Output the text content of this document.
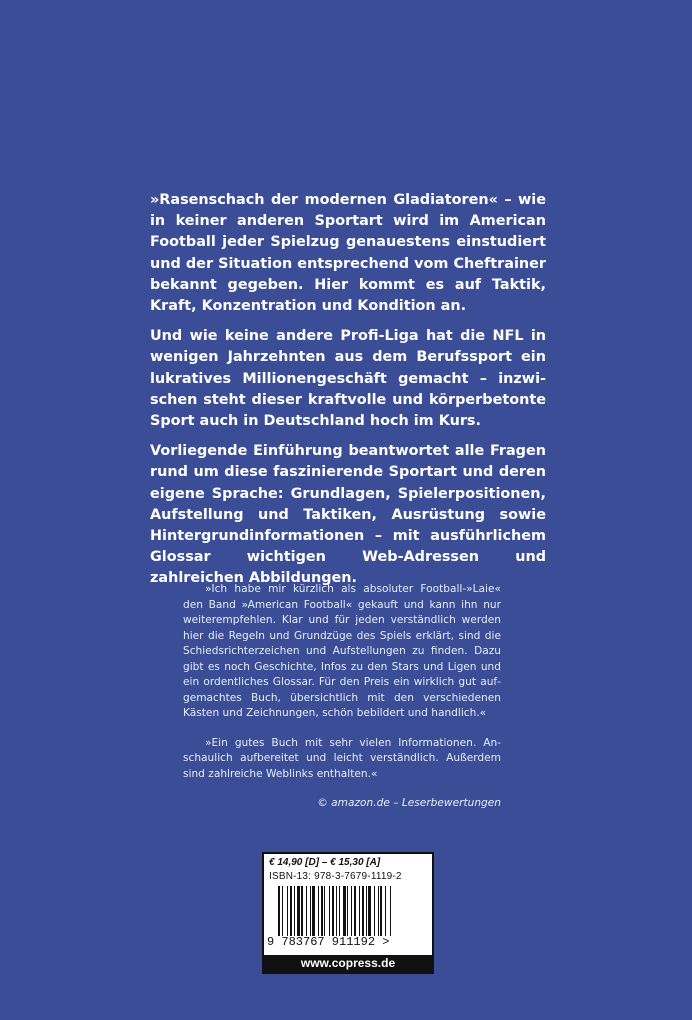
»Rasenschach der modernen Gladiatoren« – wie in keiner anderen Sportart wird im American Football jeder Spielzug genauestens einstudiert und der Situation entsprechend vom Cheftrainer bekannt gegeben. Hier kommt es auf Taktik, Kraft, Konzentration und Kondition an.

Und wie keine andere Profi-Liga hat die NFL in wenigen Jahrzehnten aus dem Berufssport ein lukratives Millionengeschäft gemacht – inzwischen steht dieser kraftvolle und körperbetonte Sport auch in Deutschland hoch im Kurs.

Vorliegende Einführung beantwortet alle Fragen rund um diese faszinierende Sportart und deren eigene Sprache: Grundlagen, Spielerpositionen, Aufstellung und Taktiken, Ausrüstung sowie Hintergrundinformationen – mit ausführlichem Glossar wichtigen Web-Adressen und zahlreichen Abbildungen.

»Ich habe mir kürzlich als absoluter Football-»Laie« den Band »American Football« gekauft und kann ihn nur weiterempfehlen. Klar und für jeden verständlich werden hier die Regeln und Grundzüge des Spiels erklärt, sind die Schiedsrichterzeichen und Aufstellungen zu finden. Dazu gibt es noch Geschichte, Infos zu den Stars und Ligen und ein ordentliches Glossar. Für den Preis ein wirklich gut aufgemachtes Buch, übersichtlich mit den verschiedenen Kästen und Zeichnungen, schön bebildert und handlich.«

»Ein gutes Buch mit sehr vielen Informationen. Anschaulich aufbereitet und leicht verständlich. Außerdem sind zahlreiche Weblinks enthalten.«

© amazon.de – Leserbewertungen

€ 14,90 [D] – € 15,30 [A]
ISBN-13: 978-3-7679-1119-2
9 783767 911192 >
www.copress.de
